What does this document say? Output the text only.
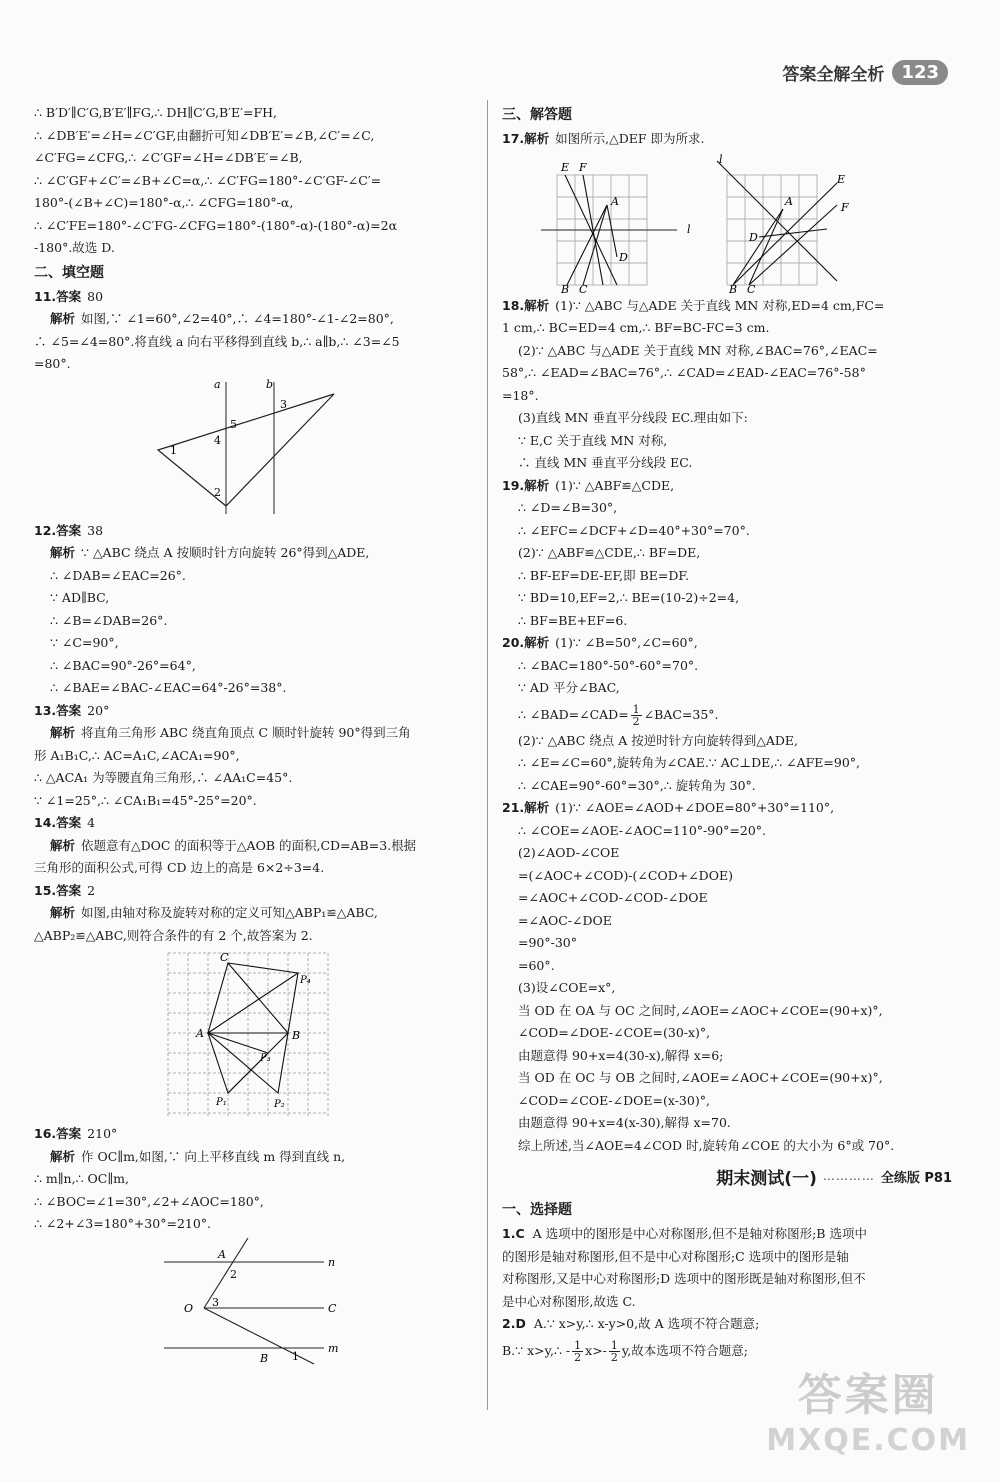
答案全解全析 123
∴ B′D′∥C′G,B′E′∥FG,∴ DH∥C′G,B′E′=FH,
∴ ∠DB′E′=∠H=∠C′GF,由翻折可知∠DB′E′=∠B,∠C′=∠C,
∠C′FG=∠CFG,∴ ∠C′GF=∠H=∠DB′E′=∠B,
∴ ∠C′GF+∠C′=∠B+∠C=α,∴ ∠C′FG=180°-∠C′GF-∠C′=
180°-(∠B+∠C)=180°-α,∴ ∠CFG=180°-α,
∴ ∠C′FE=180°-∠C′FG-∠CFG=180°-(180°-α)-(180°-α)=2α
-180°.故选 D.
二、填空题
11.答案 80
解析 如图,∵ ∠1=60°,∠2=40°,∴ ∠4=180°-∠1-∠2=80°,
∴ ∠5=∠4=80°.将直线 a 向右平移得到直线 b,∴ a∥b,∴ ∠3=∠5
=80°.
a	b
1
2
3
4
5
12.答案 38
解析 ∵ △ABC 绕点 A 按顺时针方向旋转 26°得到△ADE,
∴ ∠DAB=∠EAC=26°.
∵ AD∥BC,
∴ ∠B=∠DAB=26°.
∵ ∠C=90°,
∴ ∠BAC=90°-26°=64°,
∴ ∠BAE=∠BAC-∠EAC=64°-26°=38°.
13.答案 20°
解析 将直角三角形 ABC 绕直角顶点 C 顺时针旋转 90°得到三角
形 A₁B₁C,∴ AC=A₁C,∠ACA₁=90°,
∴ △ACA₁ 为等腰直角三角形,∴ ∠AA₁C=45°.
∵ ∠1=25°,∴ ∠CA₁B₁=45°-25°=20°.
14.答案 4
解析 依题意有△DOC 的面积等于△AOB 的面积,CD=AB=3.根据
三角形的面积公式,可得 CD 边上的高是 6×2÷3=4.
15.答案 2
解析 如图,由轴对称及旋转对称的定义可知△ABP₁≌△ABC,
△ABP₂≌△ABC,则符合条件的有 2 个,故答案为 2.
C
A	B
P₁	P₂
P₃
P₄
16.答案 210°
解析 作 OC∥m,如图,∵ 向上平移直线 m 得到直线 n,
∴ m∥n,∴ OC∥m,
∴ ∠BOC=∠1=30°,∠2+∠AOC=180°,
∴ ∠2+∠3=180°+30°=210°.
A
B
O	C
n
m
1
2
3
三、解答题
17.解析 如图所示,△DEF 即为所求.
E F
A
D
B C
l
l
E
F
A
D
B C
18.解析 (1)∵ △ABC 与△ADE 关于直线 MN 对称,ED=4 cm,FC=
1 cm,∴ BC=ED=4 cm,∴ BF=BC-FC=3 cm.
(2)∵ △ABC 与△ADE 关于直线 MN 对称,∠BAC=76°,∠EAC=
58°,∴ ∠EAD=∠BAC=76°,∴ ∠CAD=∠EAD-∠EAC=76°-58°
=18°.
(3)直线 MN 垂直平分线段 EC.理由如下:
∵ E,C 关于直线 MN 对称,
∴ 直线 MN 垂直平分线段 EC.
19.解析 (1)∵ △ABF≌△CDE,
∴ ∠D=∠B=30°,
∴ ∠EFC=∠DCF+∠D=40°+30°=70°.
(2)∵ △ABF≌△CDE,∴ BF=DE,
∴ BF-EF=DE-EF,即 BE=DF.
∵ BD=10,EF=2,∴ BE=(10-2)÷2=4,
∴ BF=BE+EF=6.
20.解析 (1)∵ ∠B=50°,∠C=60°,
∴ ∠BAC=180°-50°-60°=70°.
∵ AD 平分∠BAC,
∴ ∠BAD=∠CAD= $\frac{1}{2}$ ∠BAC=35°.
(2)∵ △ABC 绕点 A 按逆时针方向旋转得到△ADE,
∴ ∠E=∠C=60°,旋转角为∠CAE.∵ AC⊥DE,∴ ∠AFE=90°,
∴ ∠CAE=90°-60°=30°,∴ 旋转角为 30°.
21.解析 (1)∵ ∠AOE=∠AOD+∠DOE=80°+30°=110°,
∴ ∠COE=∠AOE-∠AOC=110°-90°=20°.
(2)∠AOD-∠COE
=(∠AOC+∠COD)-(∠COD+∠DOE)
=∠AOC+∠COD-∠COD-∠DOE
=∠AOC-∠DOE
=90°-30°
=60°.
(3)设∠COE=x°,
当 OD 在 OA 与 OC 之间时,∠AOE=∠AOC+∠COE=(90+x)°,
∠COD=∠DOE-∠COE=(30-x)°,
由题意得 90+x=4(30-x),解得 x=6;
当 OD 在 OC 与 OB 之间时,∠AOE=∠AOC+∠COE=(90+x)°,
∠COD=∠COE-∠DOE=(x-30)°,
由题意得 90+x=4(x-30),解得 x=70.
综上所述,当∠AOE=4∠COD 时,旋转角∠COE 的大小为 6°或 70°.
期末测试(一) ………… 全练版 P81
一、选择题
1.C A 选项中的图形是中心对称图形,但不是轴对称图形;B 选项中
的图形是轴对称图形,但不是中心对称图形;C 选项中的图形是轴
对称图形,又是中心对称图形;D 选项中的图形既是轴对称图形,但不
是中心对称图形,故选 C.
2.D A.∵ x>y,∴ x-y>0,故 A 选项不符合题意;
B.∵ x>y,∴ - $\frac{1}{2} x>- \frac{1}{2} y$,故本选项不符合题意;
答案圈
MXQE.COM
